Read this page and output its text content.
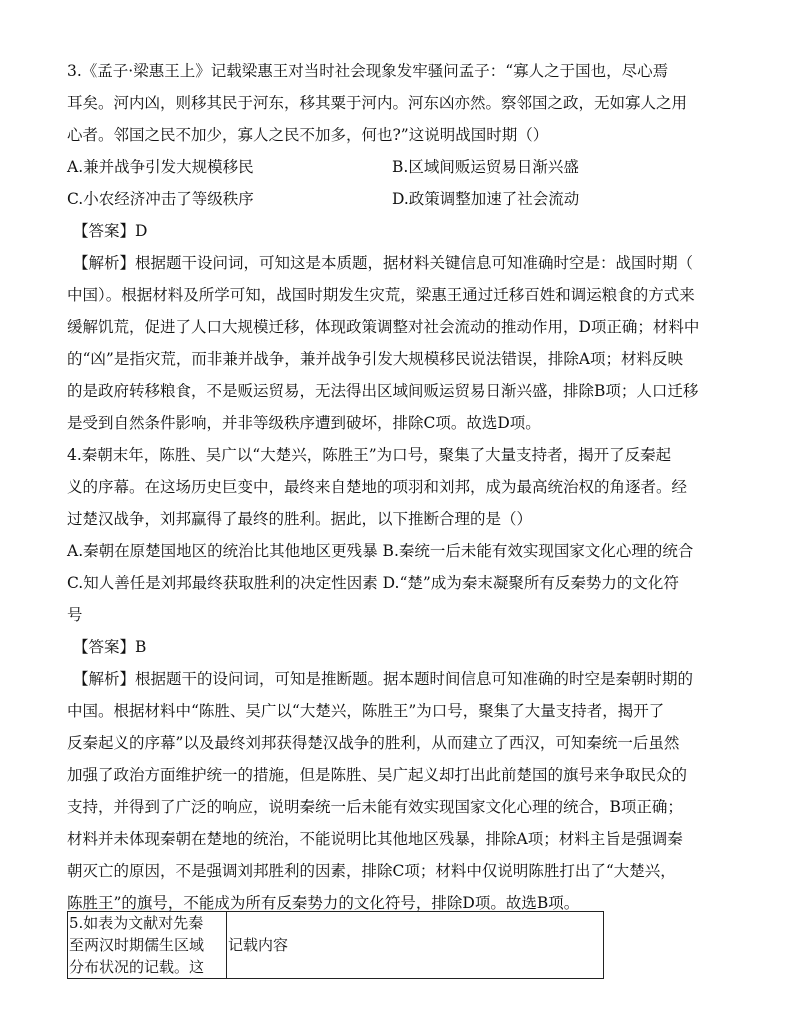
3.《孟子·梁惠王上》记载梁惠王对当时社会现象发牢骚问孟子：“寡人之于国也，尽心焉
耳矣。河内凶，则移其民于河东，移其粟于河内。河东凶亦然。察邻国之政，无如寡人之用
心者。邻国之民不加少，寡人之民不加多，何也?”这说明战国时期（）
A.兼并战争引发大规模移民	B.区域间贩运贸易日渐兴盛
C.小农经济冲击了等级秩序	D.政策调整加速了社会流动
【答案】D
【解析】根据题干设问词，可知这是本质题，据材料关键信息可知准确时空是：战国时期（
中国）。根据材料及所学可知，战国时期发生灾荒，梁惠王通过迁移百姓和调运粮食的方式来
缓解饥荒，促进了人口大规模迁移，体现政策调整对社会流动的推动作用，D项正确；材料中
的“凶”是指灾荒，而非兼并战争，兼并战争引发大规模移民说法错误，排除A项；材料反映
的是政府转移粮食，不是贩运贸易，无法得出区域间贩运贸易日渐兴盛，排除B项；人口迁移
是受到自然条件影响，并非等级秩序遭到破坏，排除C项。故选D项。
4.秦朝末年，陈胜、吴广以“大楚兴，陈胜王”为口号，聚集了大量支持者，揭开了反秦起
义的序幕。在这场历史巨变中，最终来自楚地的项羽和刘邦，成为最高统治权的角逐者。经
过楚汉战争，刘邦赢得了最终的胜利。据此，以下推断合理的是（）
A.秦朝在原楚国地区的统治比其他地区更残暴 B.秦统一后未能有效实现国家文化心理的统合
C.知人善任是刘邦最终获取胜利的决定性因素 D.“楚”成为秦末凝聚所有反秦势力的文化符
号
【答案】B
【解析】根据题干的设问词，可知是推断题。据本题时间信息可知准确的时空是秦朝时期的
中国。根据材料中“陈胜、吴广以“大楚兴，陈胜王”为口号，聚集了大量支持者，揭开了
反秦起义的序幕”以及最终刘邦获得楚汉战争的胜利，从而建立了西汉，可知秦统一后虽然
加强了政治方面维护统一的措施，但是陈胜、吴广起义却打出此前楚国的旗号来争取民众的
支持，并得到了广泛的响应，说明秦统一后未能有效实现国家文化心理的统合，B项正确；
材料并未体现秦朝在楚地的统治，不能说明比其他地区残暴，排除A项；材料主旨是强调秦
朝灭亡的原因，不是强调刘邦胜利的因素，排除C项；材料中仅说明陈胜打出了“大楚兴，
陈胜王”的旗号，不能成为所有反秦势力的文化符号，排除D项。故选B项。
5.如表为文献对先秦
至两汉时期儒生区域
分布状况的记载。这
	记载内容
